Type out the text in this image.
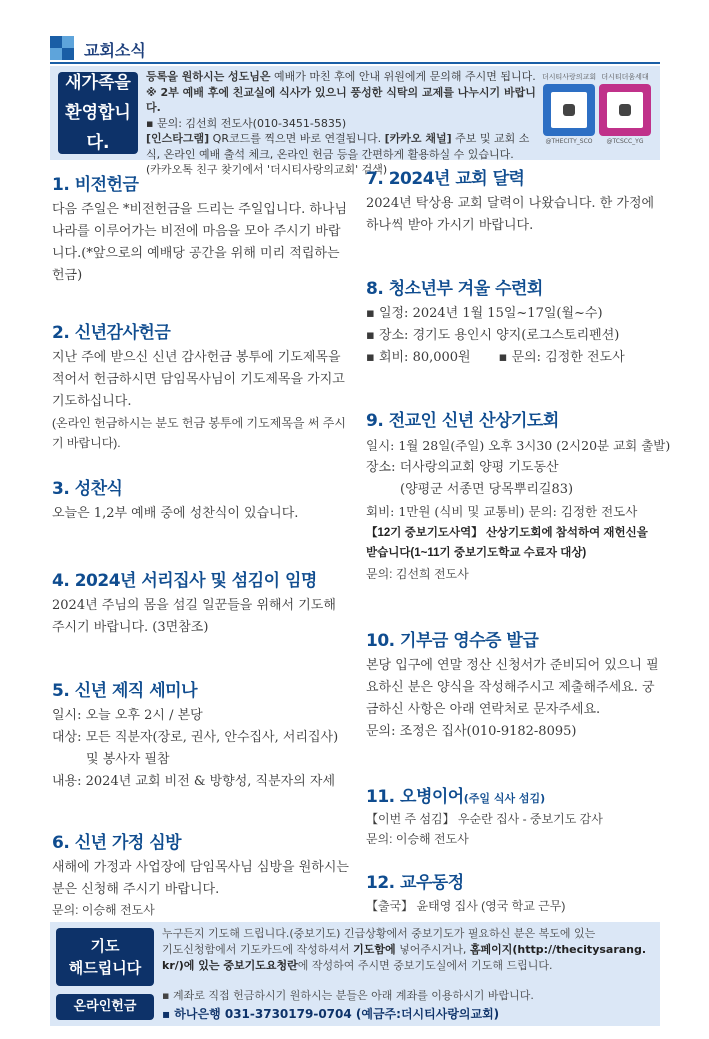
교회소식
새가족을
환영합니다.
등록을 원하시는 성도님은 예배가 마친 후에 안내 위원에게 문의해 주시면 됩니다.
※ 2부 예배 후에 친교실에 식사가 있으니 풍성한 식탁의 교제를 나누시기 바랍니다.
▪ 문의: 김선희 전도사(010-3451-5835)
[인스타그램] QR코드를 찍으면 바로 연결됩니다. [카카오 채널] 주보 및 교회 소
식, 온라인 예배 출석 체크, 온라인 헌금 등을 간편하게 활용하실 수 있습니다.
(카카오톡 친구 찾기에서 '더시티사랑의교회' 검색)
더시티사랑의교회
@THECITY_SCO
더시티더움세대
@TCSCC_YG
1. 비전헌금
다음 주일은 *비전헌금을 드리는 주일입니다. 하나님 나라를 이루어가는 비전에 마음을 모아 주시기 바랍니다.(*앞으로의 예배당 공간을 위해 미리 적립하는 헌금)
2. 신년감사헌금
지난 주에 받으신 신년 감사헌금 봉투에 기도제목을 적어서 헌금하시면 담임목사님이 기도제목을 가지고 기도하십니다.
(온라인 헌금하시는 분도 헌금 봉투에 기도제목을 써 주시기 바랍니다).
3. 성찬식
오늘은 1,2부 예배 중에 성찬식이 있습니다.
4. 2024년 서리집사 및 섬김이 임명
2024년 주님의 몸을 섬길 일꾼들을 위해서 기도해 주시기 바랍니다. (3면참조)
5. 신년 제직 세미나
일시: 오늘 오후 2시 / 본당
대상: 모든 직분자(장로, 권사, 안수집사, 서리집사)
및 봉사자 필참
내용: 2024년 교회 비전 & 방향성, 직분자의 자세
6. 신년 가정 심방
새해에 가정과 사업장에 담임목사님 심방을 원하시는 분은 신청해 주시기 바랍니다.
문의: 이승해 전도사
7. 2024년 교회 달력
2024년 탁상용 교회 달력이 나왔습니다. 한 가정에 하나씩 받아 가시기 바랍니다.
8. 청소년부 겨울 수련회
▪ 일정: 2024년 1월 15일~17일(월~수)
▪ 장소: 경기도 용인시 양지(로그스토리펜션)
▪ 회비: 80,000원 ▪ 문의: 김정한 전도사
9. 전교인 신년 산상기도회
일시: 1월 28일(주일) 오후 3시30 (2시20분 교회 출발)
장소: 더사랑의교회 양평 기도동산
(양평군 서종면 당목뿌리길83)
회비: 1만원 (식비 및 교통비) 문의: 김정한 전도사
【12기 중보기도사역】 산상기도회에 참석하여 재헌신을 받습니다(1~11기 중보기도학교 수료자 대상)
문의: 김선희 전도사
10. 기부금 영수증 발급
본당 입구에 연말 정산 신청서가 준비되어 있으니 필요하신 분은 양식을 작성해주시고 제출해주세요. 궁금하신 사항은 아래 연락처로 문자주세요.
문의: 조정은 집사(010-9182-8095)
11. 오병이어(주일 식사 섬김)
【이번 주 섬김】 우순란 집사 - 중보기도 감사
문의: 이승해 전도사
12. 교우동정
【출국】 윤태영 집사 (영국 학교 근무)
기도
해드립니다
누구든지 기도해 드립니다.(중보기도) 긴급상황에서 중보기도가 필요하신 분은 복도에 있는
기도신청함에서 기도카드에 작성하셔서 기도함에 넣어주시거나, 홈페이지(http://thecitysarang.
kr/)에 있는 중보기도요청란에 작성하여 주시면 중보기도실에서 기도해 드립니다.
온라인헌금
▪ 계좌로 직접 헌금하시기 원하시는 분들은 아래 계좌를 이용하시기 바랍니다.
▪ 하나은행 031-3730179-0704 (예금주:더시티사랑의교회)
